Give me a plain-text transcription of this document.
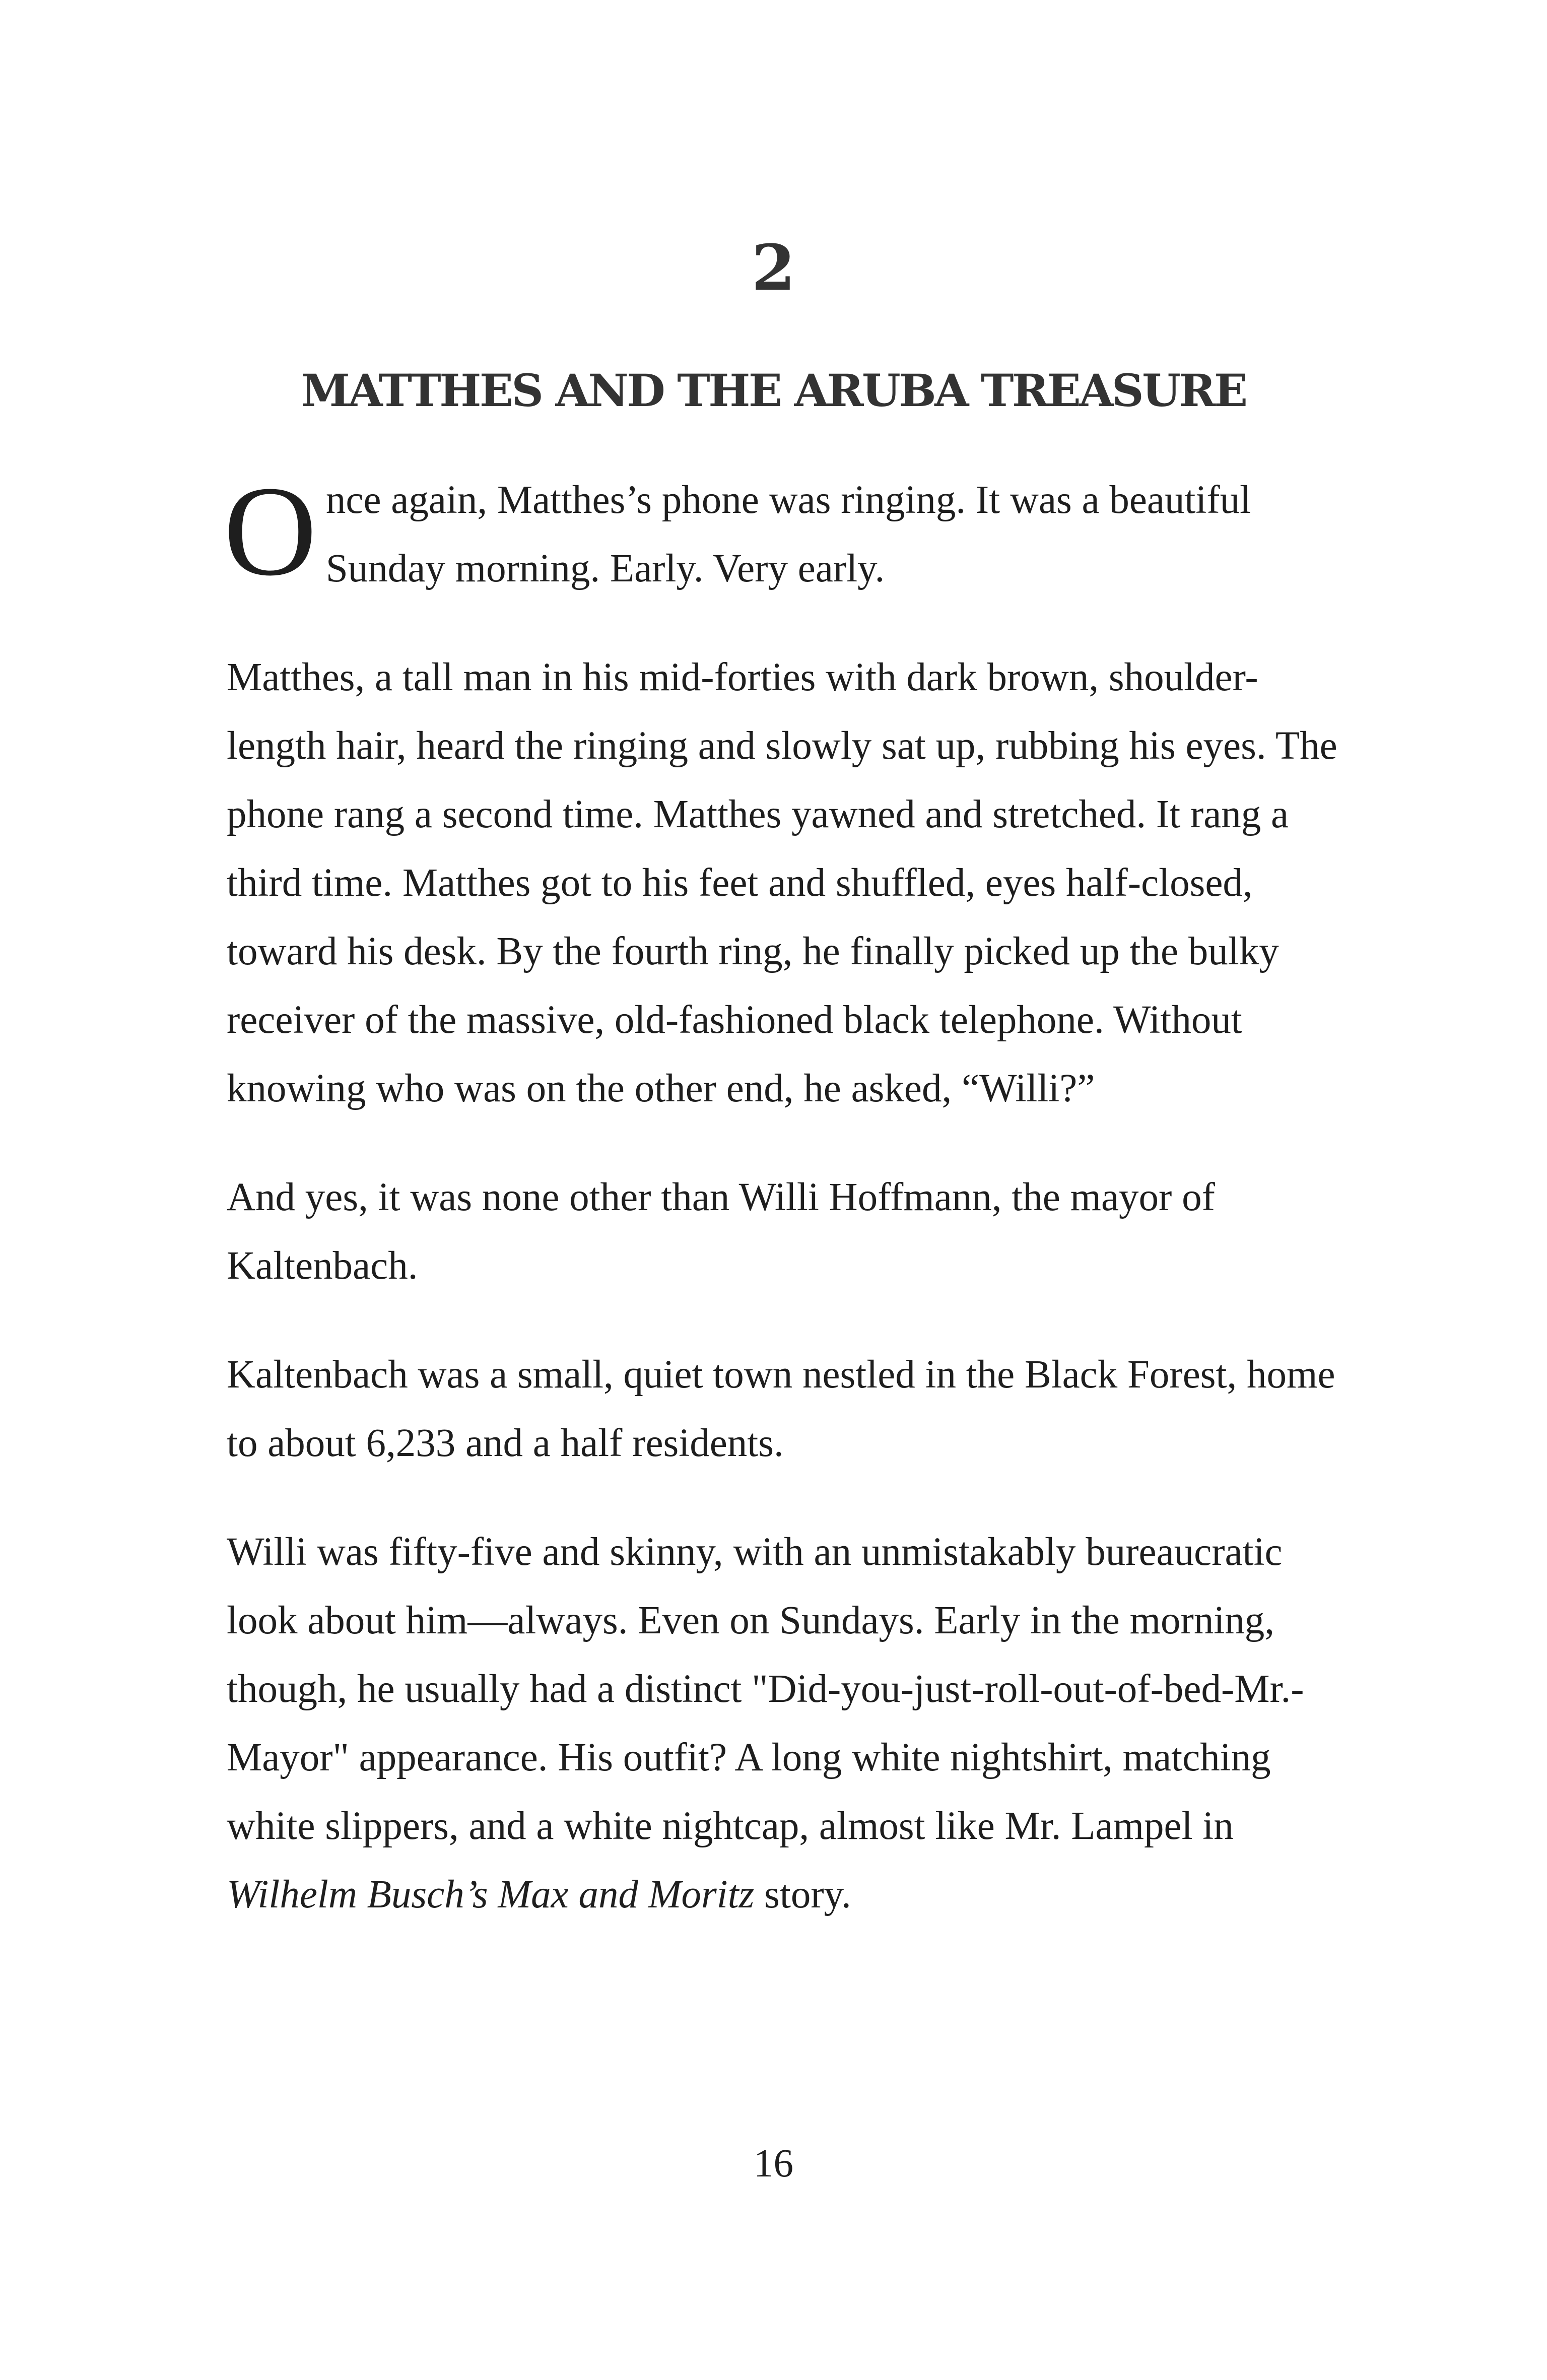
2
MATTHES AND THE ARUBA TREASURE

Once again, Matthes’s phone was ringing. It was a beautiful Sunday morning. Early. Very early.

Matthes, a tall man in his mid-forties with dark brown, shoulder-length hair, heard the ringing and slowly sat up, rubbing his eyes. The phone rang a second time. Matthes yawned and stretched. It rang a third time. Matthes got to his feet and shuffled, eyes half-closed, toward his desk. By the fourth ring, he finally picked up the bulky receiver of the massive, old-fashioned black telephone. Without knowing who was on the other end, he asked, “Willi?”

And yes, it was none other than Willi Hoffmann, the mayor of Kaltenbach.

Kaltenbach was a small, quiet town nestled in the Black Forest, home to about 6,233 and a half residents.

Willi was fifty-five and skinny, with an unmistakably bureaucratic look about him—always. Even on Sundays. Early in the morning, though, he usually had a distinct "Did-you-just-roll-out-of-bed-Mr.-Mayor" appearance. His outfit? A long white nightshirt, matching white slippers, and a white nightcap, almost like Mr. Lampel in Wilhelm Busch’s Max and Moritz story.

16
